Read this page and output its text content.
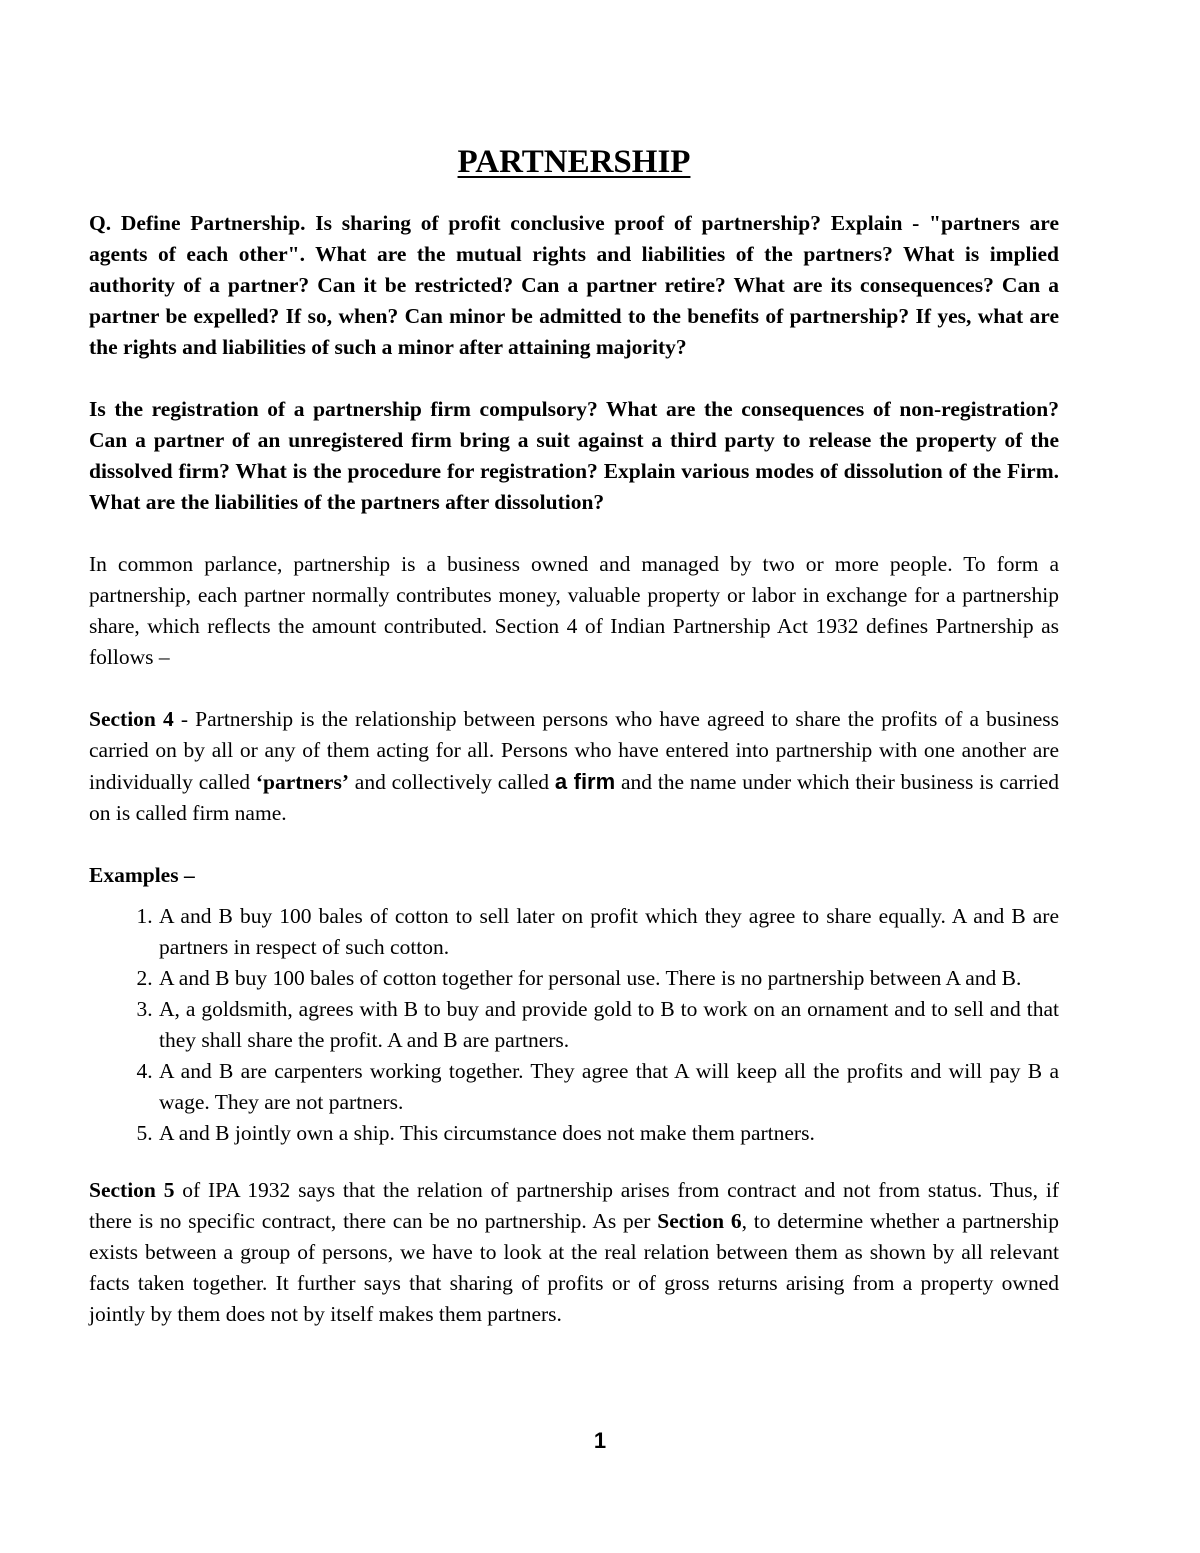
PARTNERSHIP

Q. Define Partnership. Is sharing of profit conclusive proof of partnership? Explain - "partners are agents of each other". What are the mutual rights and liabilities of the partners? What is implied authority of a partner? Can it be restricted? Can a partner retire? What are its consequences? Can a partner be expelled? If so, when? Can minor be admitted to the benefits of partnership? If yes, what are the rights and liabilities of such a minor after attaining majority?

Is the registration of a partnership firm compulsory? What are the consequences of non-registration? Can a partner of an unregistered firm bring a suit against a third party to release the property of the dissolved firm? What is the procedure for registration? Explain various modes of dissolution of the Firm. What are the liabilities of the partners after dissolution?

In common parlance, partnership is a business owned and managed by two or more people. To form a partnership, each partner normally contributes money, valuable property or labor in exchange for a partnership share, which reflects the amount contributed. Section 4 of Indian Partnership Act 1932 defines Partnership as follows –

Section 4 - Partnership is the relationship between persons who have agreed to share the profits of a business carried on by all or any of them acting for all. Persons who have entered into partnership with one another are individually called ‘partners’ and collectively called a firm and the name under which their business is carried on is called firm name.

Examples –

1. A and B buy 100 bales of cotton to sell later on profit which they agree to share equally. A and B are partners in respect of such cotton.
2. A and B buy 100 bales of cotton together for personal use. There is no partnership between A and B.
3. A, a goldsmith, agrees with B to buy and provide gold to B to work on an ornament and to sell and that they shall share the profit. A and B are partners.
4. A and B are carpenters working together. They agree that A will keep all the profits and will pay B a wage. They are not partners.
5. A and B jointly own a ship. This circumstance does not make them partners.

Section 5 of IPA 1932 says that the relation of partnership arises from contract and not from status. Thus, if there is no specific contract, there can be no partnership. As per Section 6, to determine whether a partnership exists between a group of persons, we have to look at the real relation between them as shown by all relevant facts taken together. It further says that sharing of profits or of gross returns arising from a property owned jointly by them does not by itself makes them partners.

1
